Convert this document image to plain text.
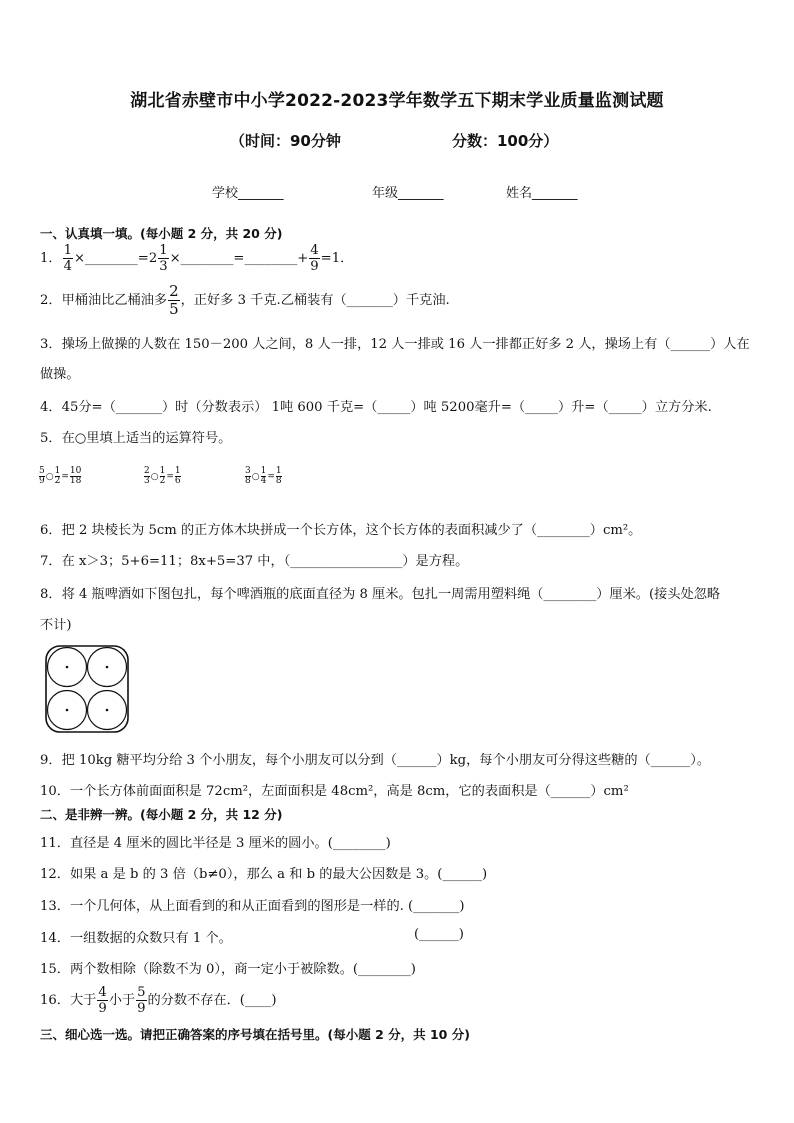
湖北省赤壁市中小学2022-2023学年数学五下期末学业质量监测试题
（时间：90分钟	分数：100分）
学校_______	年级_______	姓名_______
一、认真填一填。(每小题 2 分，共 20 分)
1． $\frac{1}{4}$ ×________=2 $\frac{1}{3}$ ×________=________+ $\frac{4}{9} =1$．
2．甲桶油比乙桶油多 $\frac{2}{5}$ ，正好多 3 千克.乙桶装有（_______）千克油.
3．操场上做操的人数在 150－200 人之间，8 人一排，12 人一排或 16 人一排都正好多 2 人，操场上有（______）人在
做操。
4．45分=（_______）时（分数表示） 1吨 600 千克=（_____）吨 5200毫升=（_____）升=（_____）立方分米.
5．在○里填上适当的运算符号。
$\frac{5}{9}$ ○ $\frac{1}{2} = \frac{10}{18}$	$\frac{2}{3}$ ○ $\frac{1}{2} = \frac{1}{6}$	$\frac{3}{8}$ ○ $\frac{1}{4} = \frac{1}{8}$
6．把 2 块棱长为 5cm 的正方体木块拼成一个长方体，这个长方体的表面积减少了（________）cm²。
7．在 x＞3；5+6=11；8x+5=37 中，（_________________）是方程。
8．将 4 瓶啤酒如下图包扎，每个啤酒瓶的底面直径为 8 厘米。包扎一周需用塑料绳（________）厘米。(接头处忽略
不计)
9．把 10kg 糖平均分给 3 个小朋友，每个小朋友可以分到（______）kg，每个小朋友可分得这些糖的（______）。
10．一个长方体前面面积是 72cm²，左面面积是 48cm²，高是 8cm，它的表面积是（______）cm²
二、是非辨一辨。(每小题 2 分，共 12 分)
11．直径是 4 厘米的圆比半径是 3 厘米的圆小。(________)
12．如果 a 是 b 的 3 倍（b≠0），那么 a 和 b 的最大公因数是 3。(______)
13．一个几何体，从上面看到的和从正面看到的图形是一样的. (_______)
14．一组数据的众数只有 1 个。	(______)
15．两个数相除（除数不为 0），商一定小于被除数。(________)
16．大于 $\frac{4}{9}$ 小于 $\frac{5}{9}$ 的分数不存在．(____)
三、细心选一选。请把正确答案的序号填在括号里。(每小题 2 分，共 10 分)
